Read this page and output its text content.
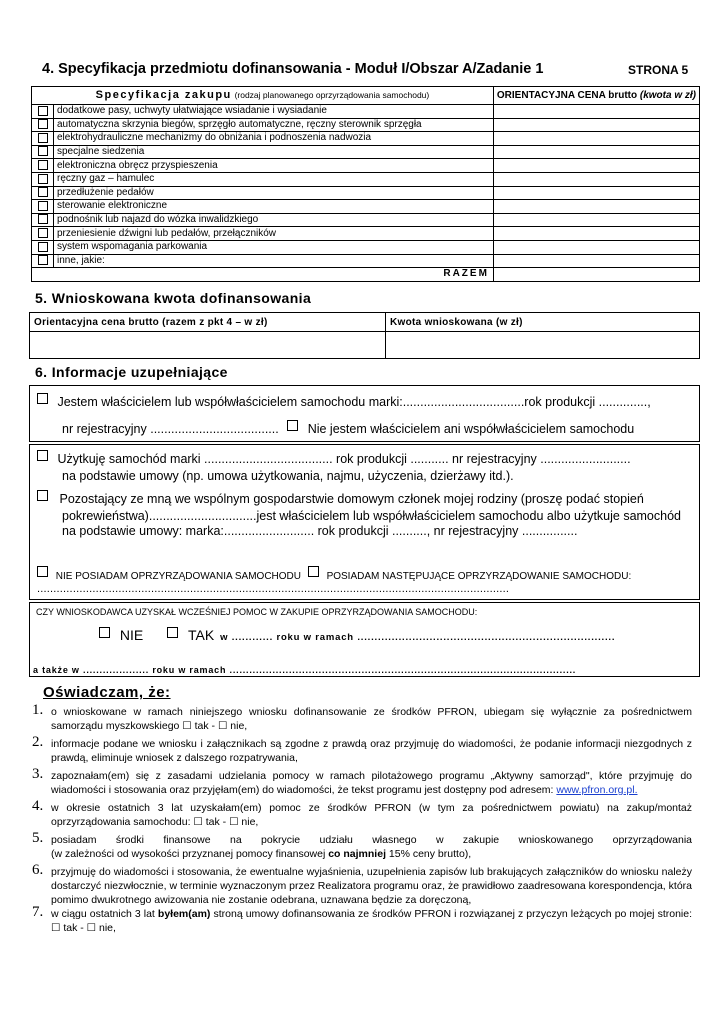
4. Specyfikacja przedmiotu dofinansowania - Moduł I/Obszar A/Zadanie 1	STRONA 5
Specyfikacja zakupu (rodzaj planowanego oprzyrządowania samochodu)		ORIENTACYJNA CENA brutto (kwota w zł)
	dodatkowe pasy, uchwyty ułatwiające wsiadanie i wysiadanie	
	automatyczna skrzynia biegów, sprzęgło automatyczne, ręczny sterownik sprzęgła	
	elektrohydrauliczne mechanizmy do obniżania i podnoszenia nadwozia	
	specjalne siedzenia	
	elektroniczna obręcz przyspieszenia	
	ręczny gaz – hamulec	
	przedłużenie pedałów	
	sterowanie elektroniczne	
	podnośnik lub najazd do wózka inwalidzkiego	
	przeniesienie dźwigni lub pedałów, przełączników	
	system wspomagania parkowania	
	inne, jakie:	
RAZEM		
5. Wnioskowana kwota dofinansowania
Orientacyjna cena brutto (razem z pkt 4 – w zł)	Kwota wnioskowana (w zł)

6. Informacje uzupełniające
Jestem właścicielem lub współwłaścicielem samochodu marki:...................................rok produkcji ..............,
nr rejestracyjny ..................................... Nie jestem właścicielem ani współwłaścicielem samochodu
Użytkuję samochód marki ..................................... rok produkcji ........... nr rejestracyjny ..........................
na podstawie umowy (np. umowa użytkowania, najmu, użyczenia, dzierżawy itd.).
Pozostający ze mną we wspólnym gospodarstwie domowym członek mojej rodziny (proszę podać stopień
pokrewieństwa)...............................jest właścicielem lub współwłaścicielem samochodu albo użytkuje samochód
na podstawie umowy: marka:.......................... rok produkcji .........., nr rejestracyjny ................
NIE POSIADAM OPRZYRZĄDOWANIA SAMOCHODU	POSIADAM NASTĘPUJĄCE OPRZYRZĄDOWANIE SAMOCHODU:
.................................................................................................................................................
CZY WNIOSKODAWCA UZYSKAŁ WCZEŚNIEJ POMOC W ZAKUPIE OPRZYRZĄDOWANIA SAMOCHODU:
NIE	TAK w ............ roku w ramach ...........................................................................
a także w .................... roku w ramach .........................................................................................................
Oświadczam, że:
1. o wnioskowane w ramach niniejszego wniosku dofinansowanie ze środków PFRON, ubiegam się wyłącznie za pośrednictwem samorządu myszkowskiego ☐ tak - ☐ nie,
2. informacje podane we wniosku i załącznikach są zgodne z prawdą oraz przyjmuję do wiadomości, że podanie informacji niezgodnych z prawdą, eliminuje wniosek z dalszego rozpatrywania,
3. zapoznałam(em) się z zasadami udzielania pomocy w ramach pilotażowego programu „Aktywny samorząd", które przyjmuję do wiadomości i stosowania oraz przyjęłam(em) do wiadomości, że tekst programu jest dostępny pod adresem: www.pfron.org.pl.
4. w okresie ostatnich 3 lat uzyskałam(em) pomoc ze środków PFRON (w tym za pośrednictwem powiatu) na zakup/montaż oprzyrządowania samochodu: ☐ tak - ☐ nie,
5. posiadam środki finansowe na pokrycie udziału własnego w zakupie wnioskowanego oprzyrządowania
(w zależności od wysokości przyznanej pomocy finansowej co najmniej 15% ceny brutto),
6. przyjmuję do wiadomości i stosowania, że ewentualne wyjaśnienia, uzupełnienia zapisów lub brakujących załączników do wniosku należy dostarczyć niezwłocznie, w terminie wyznaczonym przez Realizatora programu oraz, że prawidłowo zaadresowana korespondencja, która pomimo dwukrotnego awizowania nie zostanie odebrana, uznawana będzie za doręczoną,
7. w ciągu ostatnich 3 lat byłem(am) stroną umowy dofinansowania ze środków PFRON i rozwiązanej z przyczyn leżących po mojej stronie: ☐ tak - ☐ nie,
